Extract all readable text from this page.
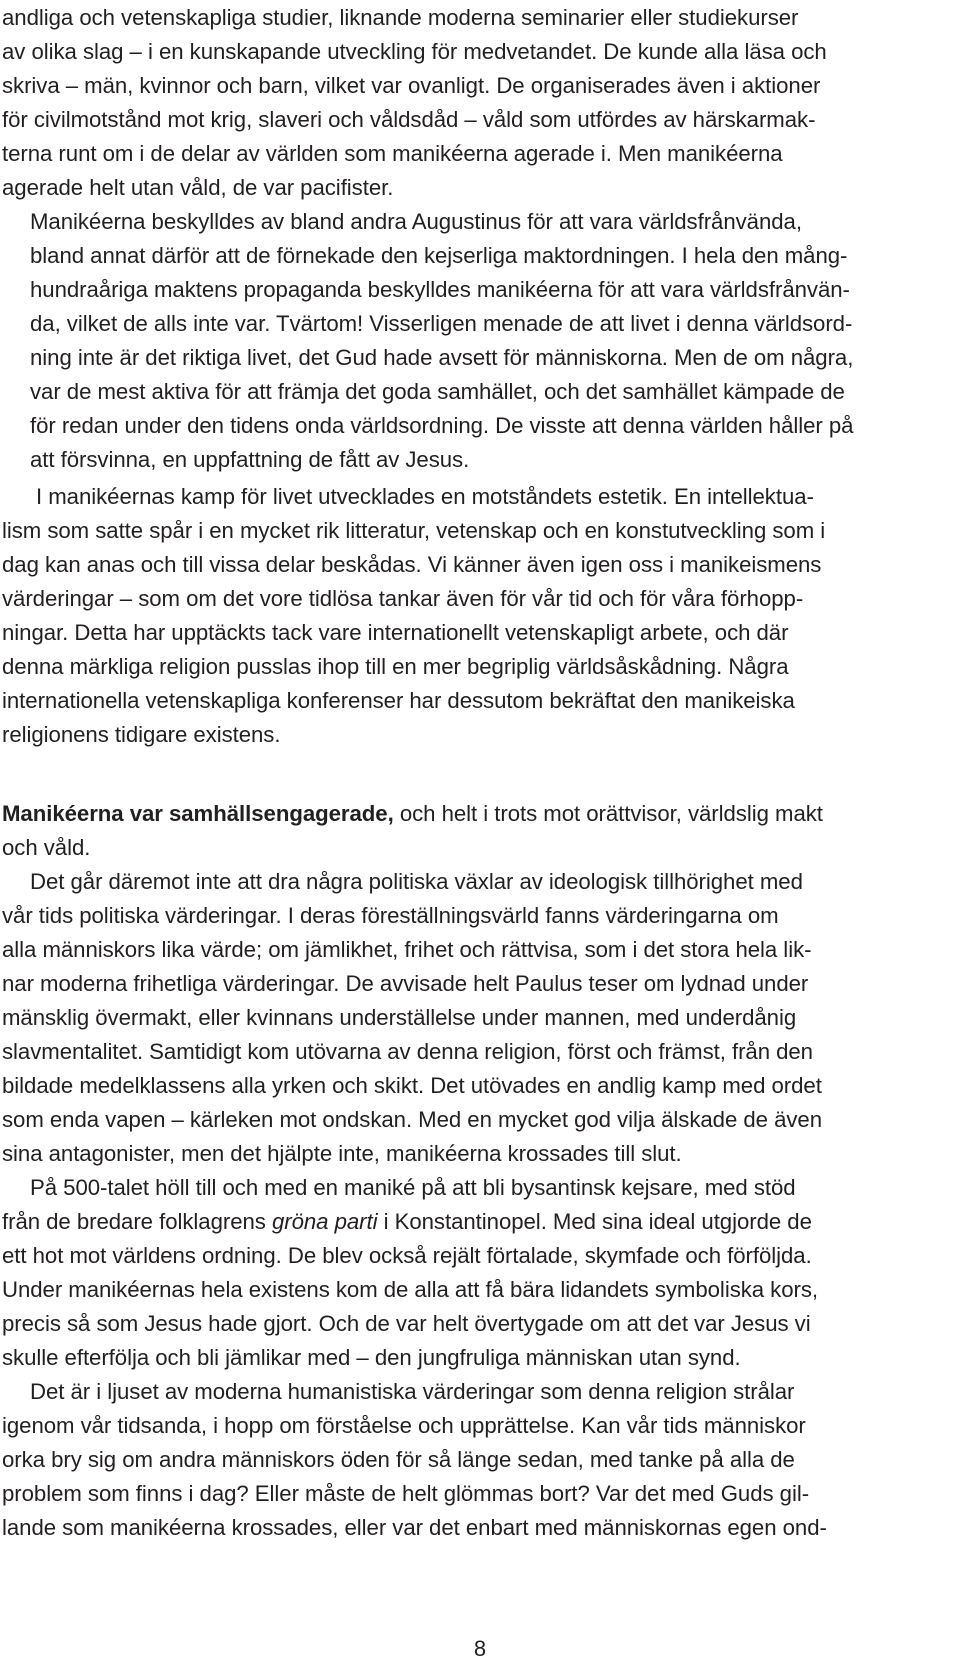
andliga och vetenskapliga studier, liknande moderna seminarier eller studiekurser
av olika slag – i en kunskapande utveckling för medvetandet. De kunde alla läsa och
skriva – män, kvinnor och barn, vilket var ovanligt. De organiserades även i aktioner
för civilmotstånd mot krig, slaveri och våldsdåd – våld som utfördes av härskarmak-
terna runt om i de delar av världen som manikéerna agerade i. Men manikéerna
agerade helt utan våld, de var pacifister.
Manikéerna beskylldes av bland andra Augustinus för att vara världsfrånvända,
bland annat därför att de förnekade den kejserliga maktordningen. I hela den mång-
hundraåriga maktens propaganda beskylldes manikéerna för att vara världsfrånvän-
da, vilket de alls inte var. Tvärtom! Visserligen menade de att livet i denna världsord-
ning inte är det riktiga livet, det Gud hade avsett för människorna. Men de om några,
var de mest aktiva för att främja det goda samhället, och det samhället kämpade de
för redan under den tidens onda världsordning. De visste att denna världen håller på
att försvinna, en uppfattning de fått av Jesus.
I manikéernas kamp för livet utvecklades en motståndets estetik. En intellektua-
lism som satte spår i en mycket rik litteratur, vetenskap och en konstutveckling som i
dag kan anas och till vissa delar beskådas. Vi känner även igen oss i manikeismens
värderingar – som om det vore tidlösa tankar även för vår tid och för våra förhopp-
ningar. Detta har upptäckts tack vare internationellt vetenskapligt arbete, och där
denna märkliga religion pusslas ihop till en mer begriplig världsåskådning. Några
internationella vetenskapliga konferenser har dessutom bekräftat den manikeiska
religionens tidigare existens.
Manikéerna var samhällsengagerade, och helt i trots mot orättvisor, världslig makt
och våld.
Det går däremot inte att dra några politiska växlar av ideologisk tillhörighet med
vår tids politiska värderingar. I deras föreställningsvärld fanns värderingarna om
alla människors lika värde; om jämlikhet, frihet och rättvisa, som i det stora hela lik-
nar moderna frihetliga värderingar. De avvisade helt Paulus teser om lydnad under
mänsklig övermakt, eller kvinnans underställelse under mannen, med underdånig
slavmentalitet. Samtidigt kom utövarna av denna religion, först och främst, från den
bildade medelklassens alla yrken och skikt. Det utövades en andlig kamp med ordet
som enda vapen – kärleken mot ondskan. Med en mycket god vilja älskade de även
sina antagonister, men det hjälpte inte, manikéerna krossades till slut.
På 500-talet höll till och med en maniké på att bli bysantinsk kejsare, med stöd
från de bredare folklagrens gröna parti i Konstantinopel. Med sina ideal utgjorde de
ett hot mot världens ordning. De blev också rejält förtalade, skymfade och förföljda.
Under manikéernas hela existens kom de alla att få bära lidandets symboliska kors,
precis så som Jesus hade gjort. Och de var helt övertygade om att det var Jesus vi
skulle efterfölja och bli jämlikar med – den jungfruliga människan utan synd.
Det är i ljuset av moderna humanistiska värderingar som denna religion strålar
igenom vår tidsanda, i hopp om förståelse och upprättelse. Kan vår tids människor
orka bry sig om andra människors öden för så länge sedan, med tanke på alla de
problem som finns i dag? Eller måste de helt glömmas bort? Var det med Guds gil-
lande som manikéerna krossades, eller var det enbart med människornas egen ond-
8
